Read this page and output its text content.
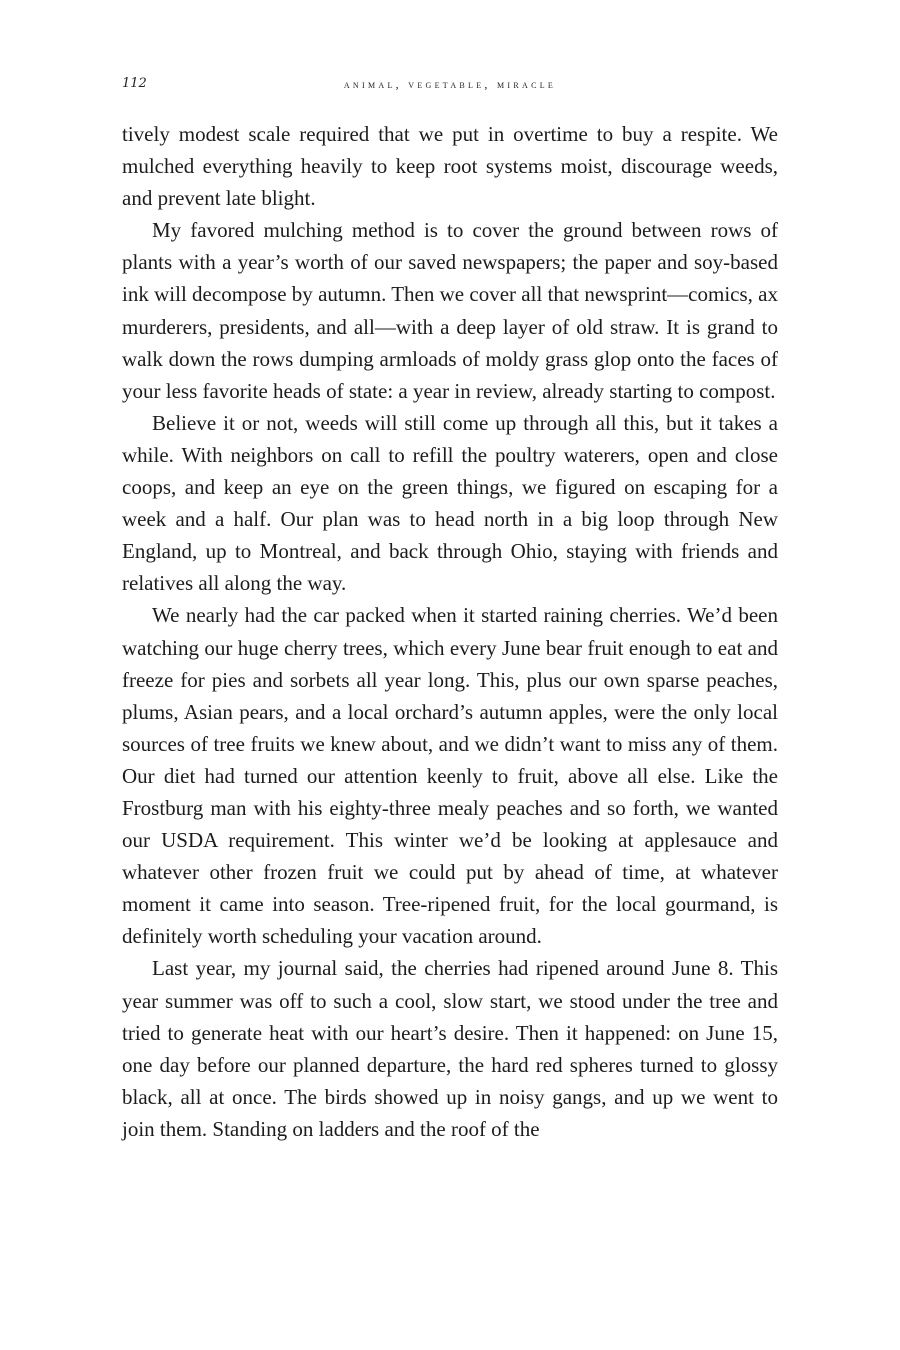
112	animal, vegetable, miracle

tively modest scale required that we put in overtime to buy a respite. We mulched everything heavily to keep root systems moist, discourage weeds, and prevent late blight.

My favored mulching method is to cover the ground between rows of plants with a year’s worth of our saved newspapers; the paper and soy-based ink will decompose by autumn. Then we cover all that newsprint—comics, ax murderers, presidents, and all—with a deep layer of old straw. It is grand to walk down the rows dumping armloads of moldy grass glop onto the faces of your less favorite heads of state: a year in review, already starting to compost.

Believe it or not, weeds will still come up through all this, but it takes a while. With neighbors on call to refill the poultry waterers, open and close coops, and keep an eye on the green things, we figured on escaping for a week and a half. Our plan was to head north in a big loop through New England, up to Montreal, and back through Ohio, staying with friends and relatives all along the way.

We nearly had the car packed when it started raining cherries. We’d been watching our huge cherry trees, which every June bear fruit enough to eat and freeze for pies and sorbets all year long. This, plus our own sparse peaches, plums, Asian pears, and a local orchard’s autumn apples, were the only local sources of tree fruits we knew about, and we didn’t want to miss any of them. Our diet had turned our attention keenly to fruit, above all else. Like the Frostburg man with his eighty-three mealy peaches and so forth, we wanted our USDA requirement. This winter we’d be looking at applesauce and whatever other frozen fruit we could put by ahead of time, at whatever moment it came into season. Tree-ripened fruit, for the local gourmand, is definitely worth scheduling your vacation around.

Last year, my journal said, the cherries had ripened around June 8. This year summer was off to such a cool, slow start, we stood under the tree and tried to generate heat with our heart’s desire. Then it happened: on June 15, one day before our planned departure, the hard red spheres turned to glossy black, all at once. The birds showed up in noisy gangs, and up we went to join them. Standing on ladders and the roof of the
